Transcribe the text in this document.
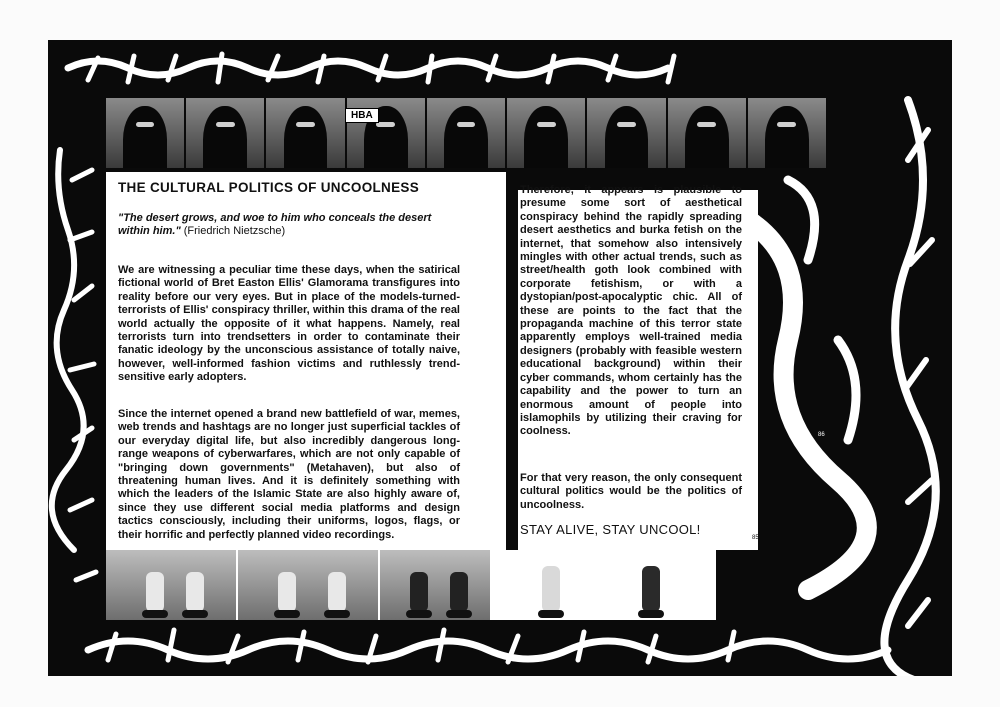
HBA
THE CULTURAL POLITICS OF UNCOOLNESS
"The desert grows, and woe to him who conceals the desert within him." (Friedrich Nietzsche)
We are witnessing a peculiar time these days, when the satirical fictional world of Bret Easton Ellis' Glamorama transfigures into reality before our very eyes. But in place of the models-turned-terrorists of Ellis' conspiracy thriller, within this drama of the real world actually the opposite of it what happens. Namely, real terrorists turn into trendsetters in order to contaminate their fanatic ideology by the unconscious assistance of totally naive, however, well-informed fashion victims and ruthlessly trend-sensitive early adopters.
Since the internet opened a brand new battlefield of war, memes, web trends and hashtags are no longer just superficial tackles of our everyday digital life, but also incredibly dangerous long-range weapons of cyberwarfares, which are not only capable of "bringing down governments" (Metahaven), but also of threatening human lives. And it is definitely something with which the leaders of the Islamic State are also highly aware of, since they use different social media platforms and design tactics consciously, including their uniforms, logos, flags, or their horrific and perfectly planned video recordings.
Therefore, it appears is plausible to presume some sort of aesthetical conspiracy behind the rapidly spreading desert aesthetics and burka fetish on the internet, that somehow also intensively mingles with other actual trends, such as street/health goth look combined with corporate fetishism, or with a dystopian/post-apocalyptic chic. All of these are points to the fact that the propaganda machine of this terror state apparently employs well-trained media designers (probably with feasible western educational background) within their cyber commands, whom certainly has the capability and the power to turn an enormous amount of people into islamophils by utilizing their craving for coolness.
For that very reason, the only consequent cultural politics would be the politics of uncoolness.
STAY ALIVE, STAY UNCOOL!
85
86
